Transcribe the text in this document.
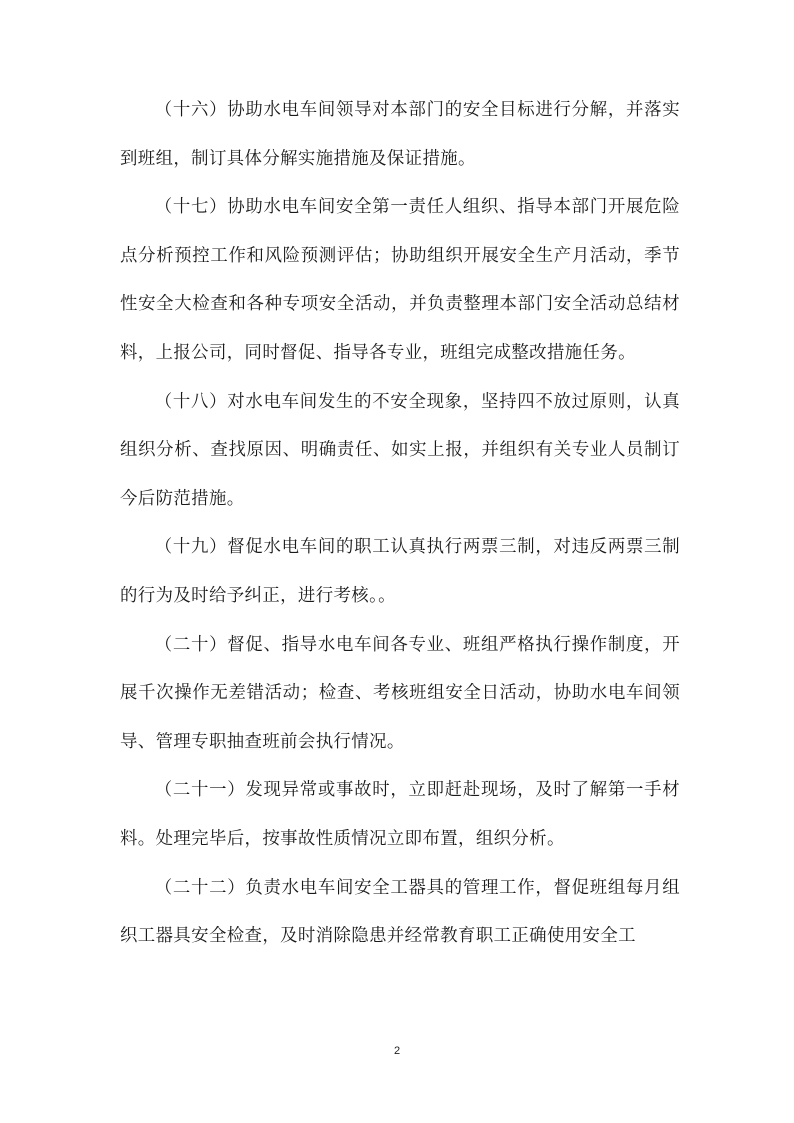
（十六）协助水电车间领导对本部门的安全目标进行分解，并落实到班组，制订具体分解实施措施及保证措施。

（十七）协助水电车间安全第一责任人组织、指导本部门开展危险点分析预控工作和风险预测评估；协助组织开展安全生产月活动，季节性安全大检查和各种专项安全活动，并负责整理本部门安全活动总结材料，上报公司，同时督促、指导各专业，班组完成整改措施任务。

（十八）对水电车间发生的不安全现象，坚持四不放过原则，认真组织分析、查找原因、明确责任、如实上报，并组织有关专业人员制订今后防范措施。

（十九）督促水电车间的职工认真执行两票三制，对违反两票三制的行为及时给予纠正，进行考核。。

（二十）督促、指导水电车间各专业、班组严格执行操作制度，开展千次操作无差错活动；检查、考核班组安全日活动，协助水电车间领导、管理专职抽查班前会执行情况。

（二十一）发现异常或事故时，立即赶赴现场，及时了解第一手材料。处理完毕后，按事故性质情况立即布置，组织分析。

（二十二）负责水电车间安全工器具的管理工作，督促班组每月组织工器具安全检查，及时消除隐患并经常教育职工正确使用安全工

2
